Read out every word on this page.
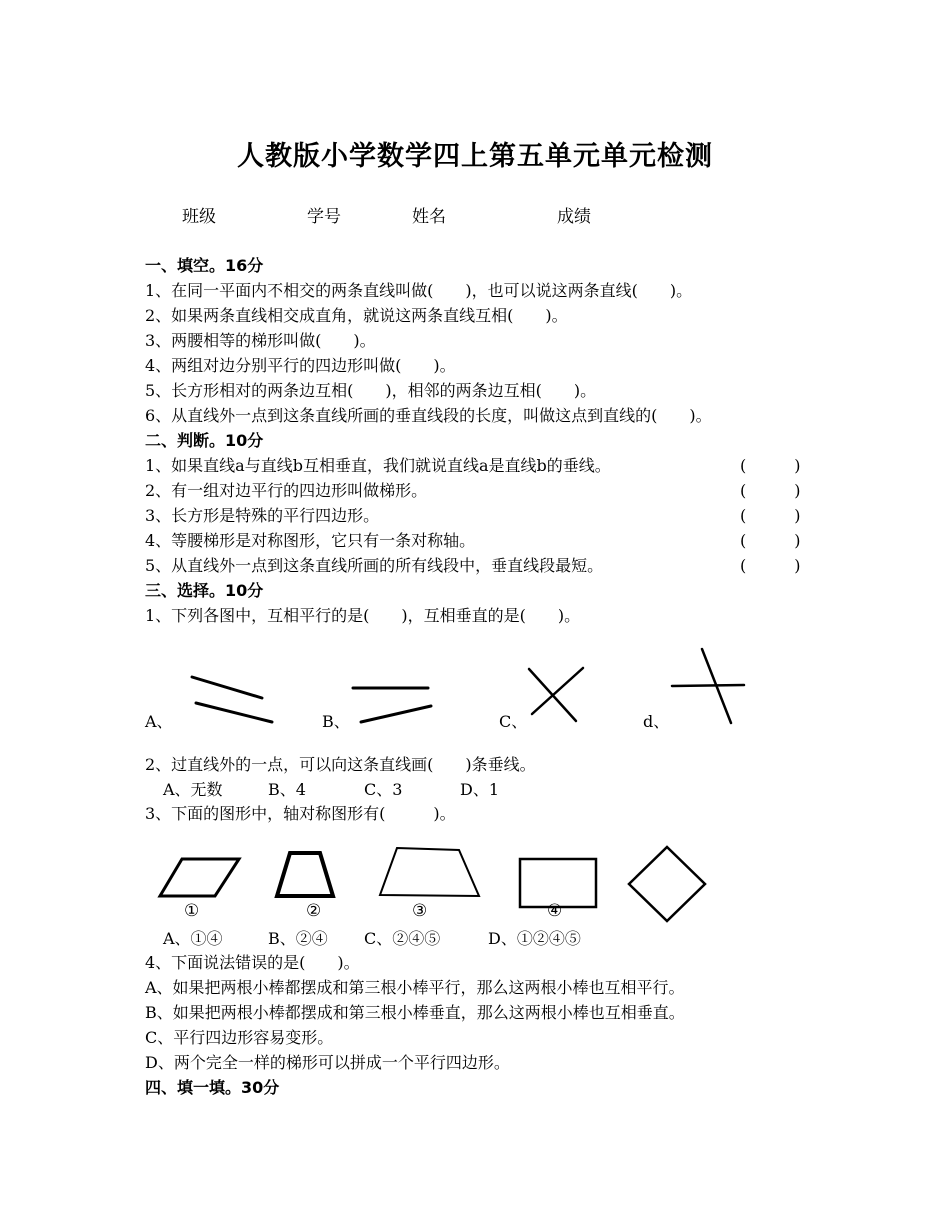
人教版小学数学四上第五单元单元检测
班级	学号	姓名	成绩
一、填空。16分
1、在同一平面内不相交的两条直线叫做(　　)，也可以说这两条直线(　　)。
2、如果两条直线相交成直角，就说这两条直线互相(　　)。
3、两腰相等的梯形叫做(　　)。
4、两组对边分别平行的四边形叫做(　　)。
5、长方形相对的两条边互相(　　)，相邻的两条边互相(　　)。
6、从直线外一点到这条直线所画的垂直线段的长度，叫做这点到直线的(　　)。
二、判断。10分
1、如果直线a与直线b互相垂直，我们就说直线a是直线b的垂线。	(　　　)
2、有一组对边平行的四边形叫做梯形。	(　　　)
3、长方形是特殊的平行四边形。	(　　　)
4、等腰梯形是对称图形，它只有一条对称轴。	(　　　)
5、从直线外一点到这条直线所画的所有线段中，垂直线段最短。	(　　　)
三、选择。10分
1、下列各图中，互相平行的是(　　)，互相垂直的是(　　)。
A、	B、	C、	d、
2、过直线外的一点，可以向这条直线画(　　)条垂线。
A、无数	B、4	C、3	D、1
3、下面的图形中，轴对称图形有(　　　)。
①	②	③	④
A、①④	B、②④ C、②④⑤	D、①②④⑤
4、下面说法错误的是(　　)。
A、如果把两根小棒都摆成和第三根小棒平行，那么这两根小棒也互相平行。
B、如果把两根小棒都摆成和第三根小棒垂直，那么这两根小棒也互相垂直。
C、平行四边形容易变形。
D、两个完全一样的梯形可以拼成一个平行四边形。
四、填一填。30分
